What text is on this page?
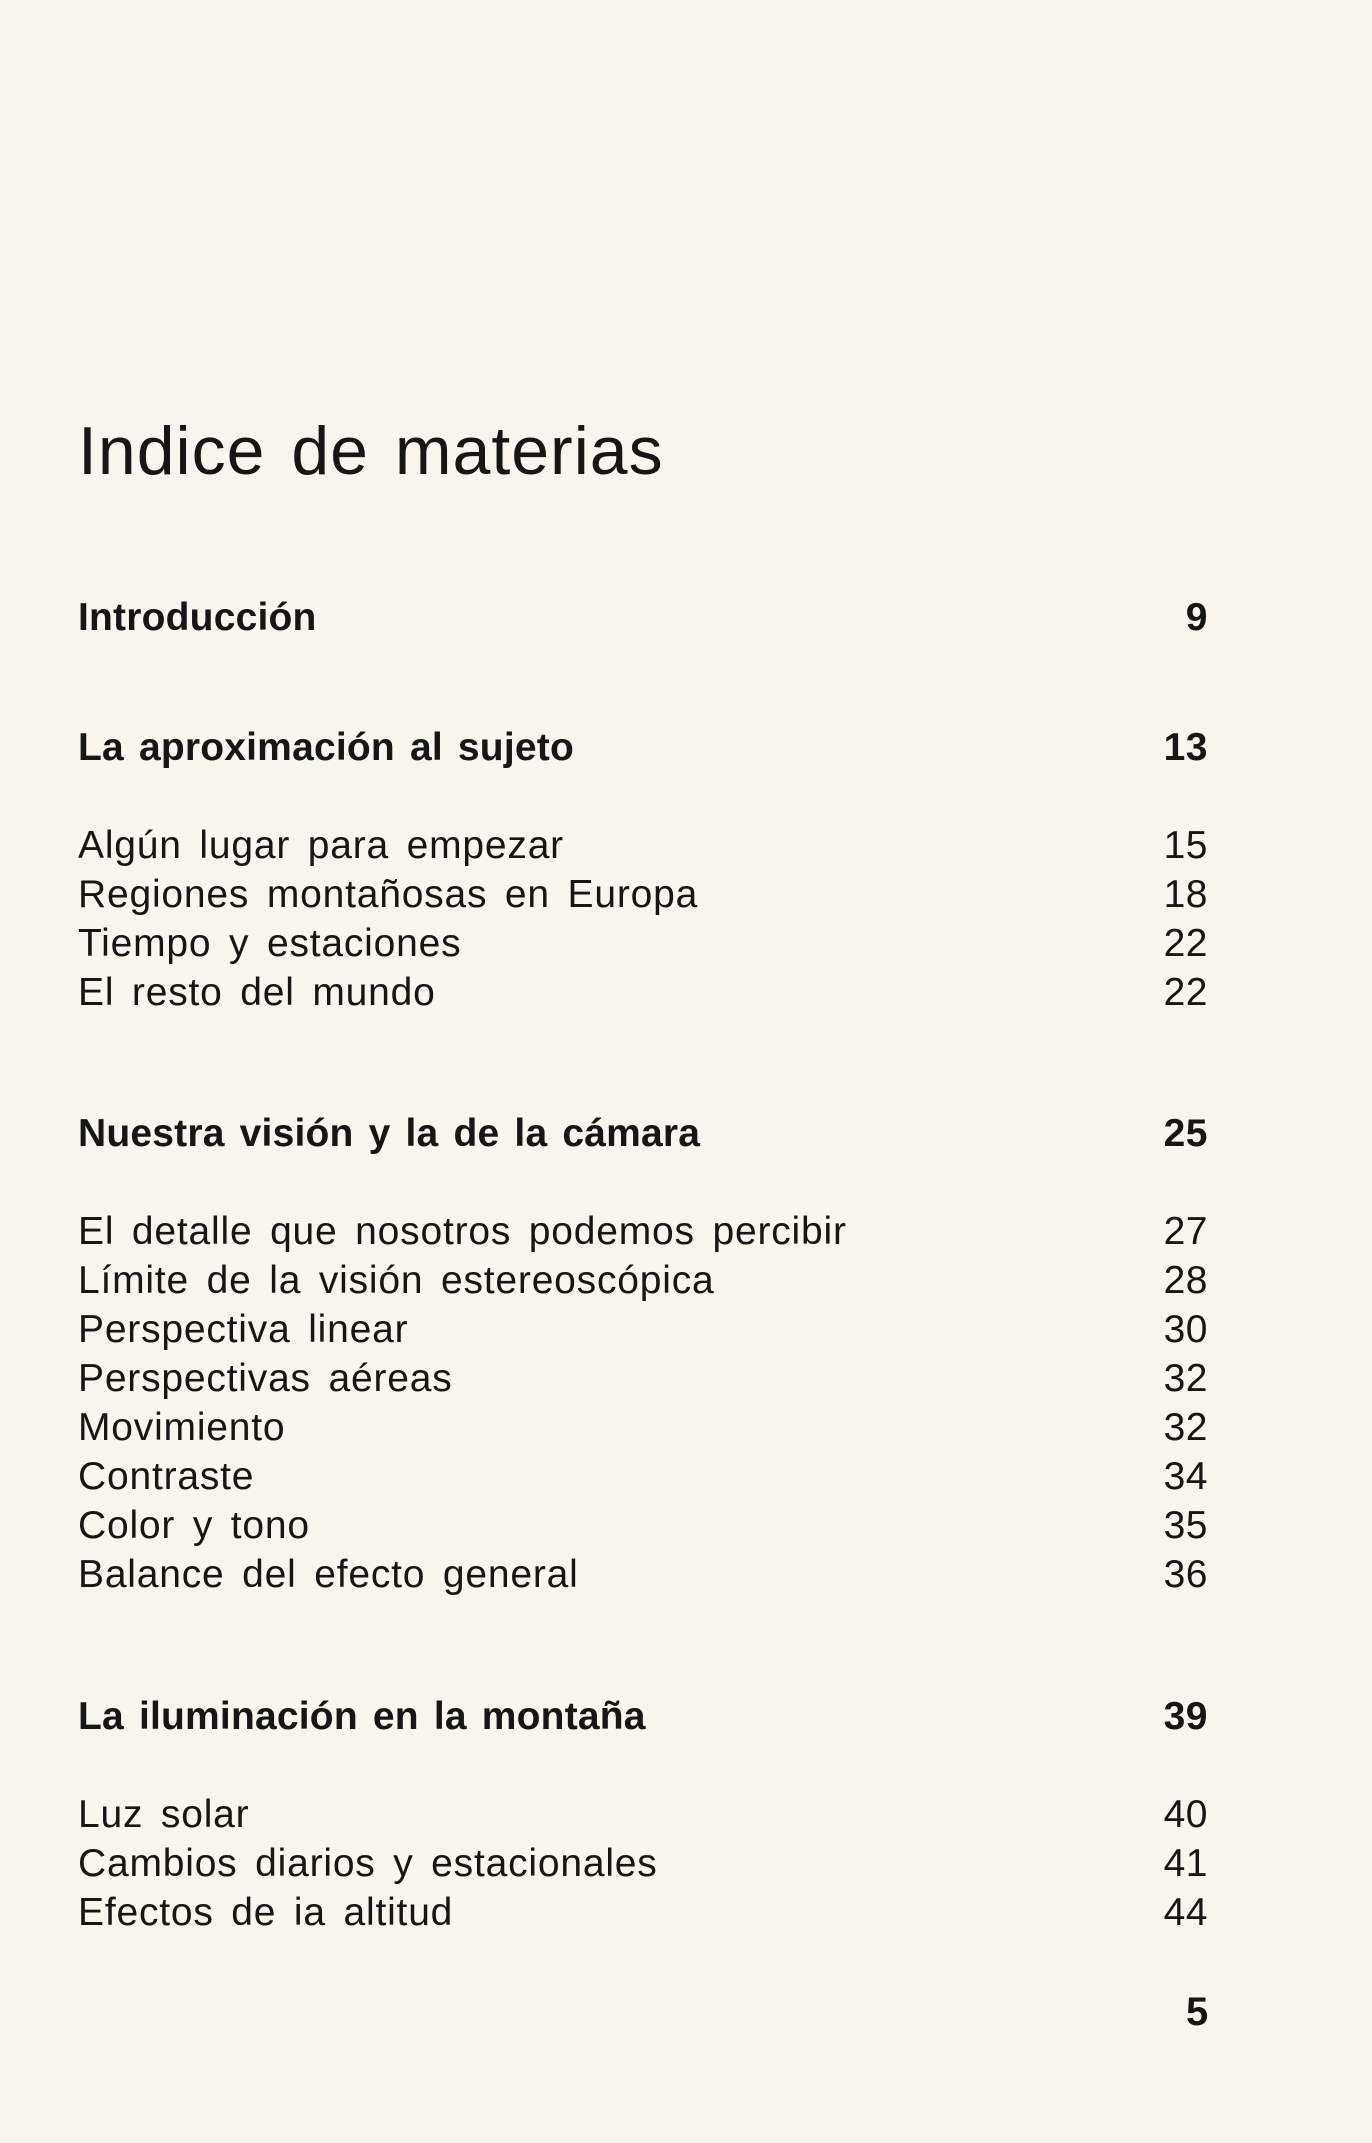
Indice de materias
Introducción	9
La aproximación al sujeto	13
Algún lugar para empezar	15
Regiones montañosas en Europa	18
Tiempo y estaciones	22
El resto del mundo	22
Nuestra visión y la de la cámara	25
El detalle que nosotros podemos percibir	27
Límite de la visión estereoscópica	28
Perspectiva linear	30
Perspectivas aéreas	32
Movimiento	32
Contraste	34
Color y tono	35
Balance del efecto general	36
La iluminación en la montaña	39
Luz solar	40
Cambios diarios y estacionales	41
Efectos de ia altitud	44
5
